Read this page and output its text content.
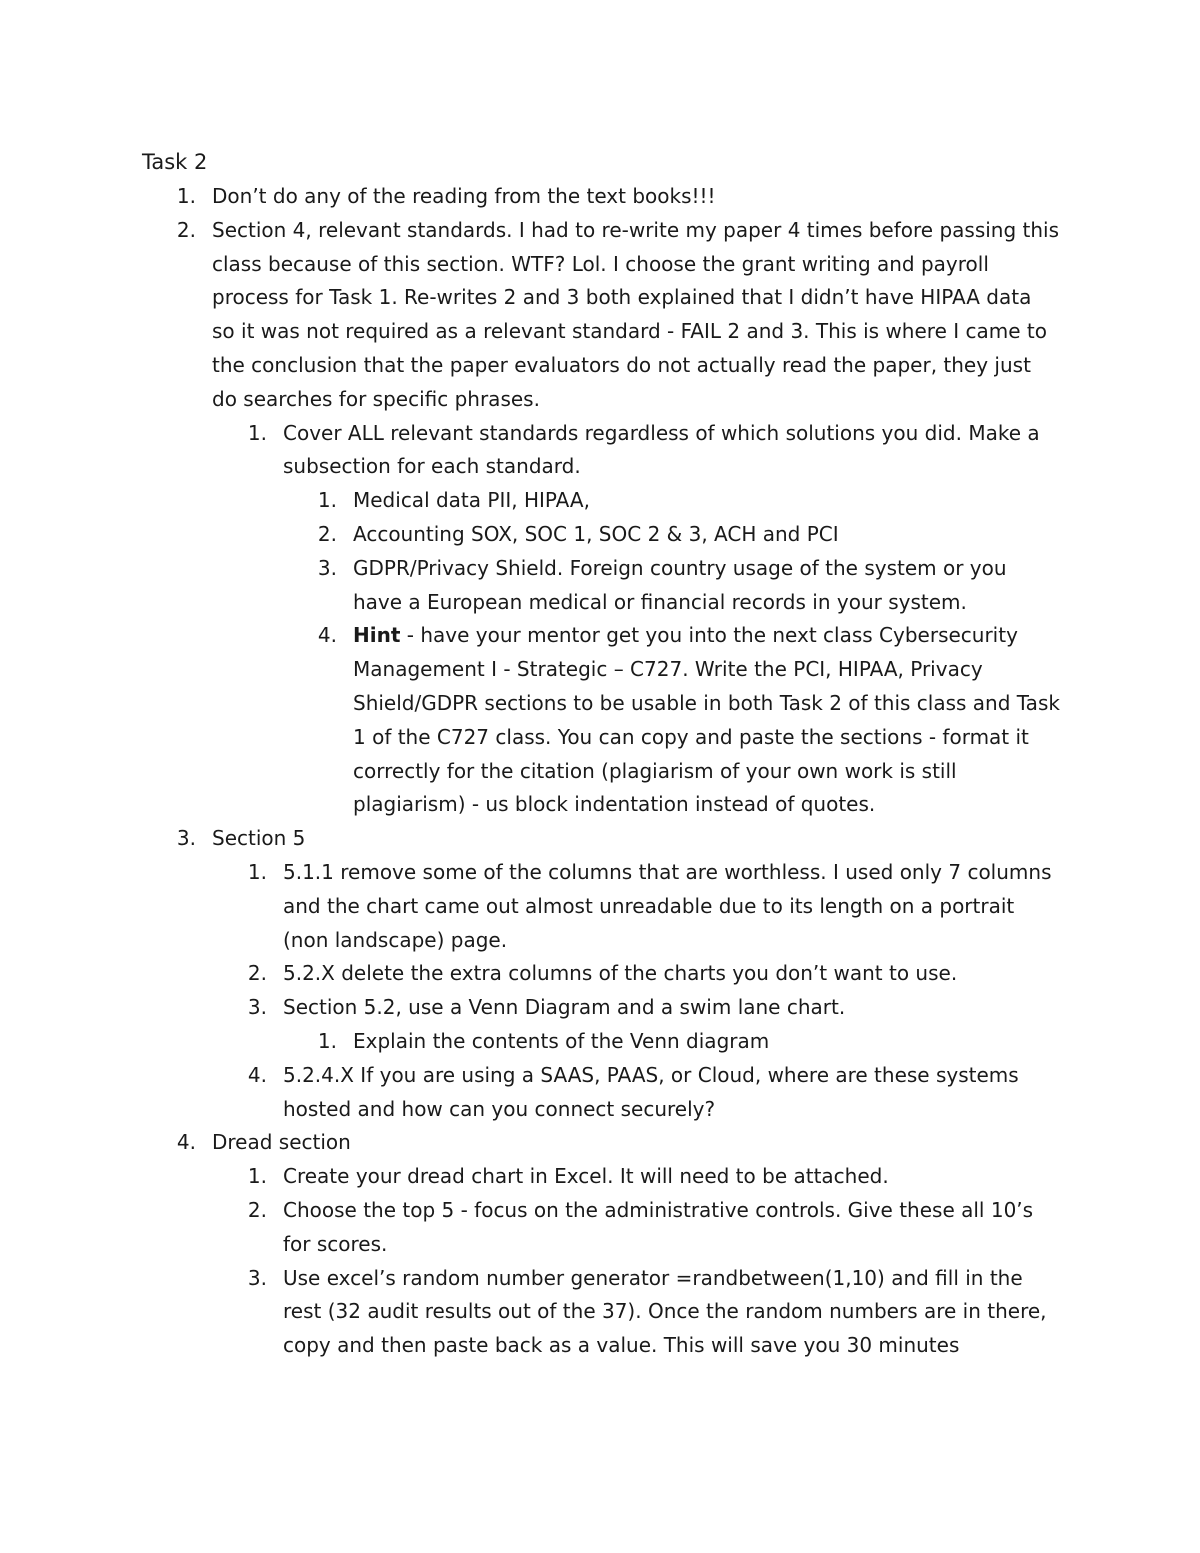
Task 2
1. Don’t do any of the reading from the text books!!!
2. Section 4, relevant standards. I had to re-write my paper 4 times before passing this class because of this section. WTF? Lol. I choose the grant writing and payroll process for Task 1. Re-writes 2 and 3 both explained that I didn’t have HIPAA data so it was not required as a relevant standard - FAIL 2 and 3. This is where I came to the conclusion that the paper evaluators do not actually read the paper, they just do searches for specific phrases.
1. Cover ALL relevant standards regardless of which solutions you did. Make a subsection for each standard.
1. Medical data PII, HIPAA,
2. Accounting SOX, SOC 1, SOC 2 & 3, ACH and PCI
3. GDPR/Privacy Shield. Foreign country usage of the system or you have a European medical or financial records in your system.
4. Hint - have your mentor get you into the next class Cybersecurity Management I - Strategic – C727. Write the PCI, HIPAA, Privacy Shield/GDPR sections to be usable in both Task 2 of this class and Task 1 of the C727 class. You can copy and paste the sections - format it correctly for the citation (plagiarism of your own work is still plagiarism) - us block indentation instead of quotes.
3. Section 5
1. 5.1.1 remove some of the columns that are worthless. I used only 7 columns and the chart came out almost unreadable due to its length on a portrait (non landscape) page.
2. 5.2.X delete the extra columns of the charts you don’t want to use.
3. Section 5.2, use a Venn Diagram and a swim lane chart.
1. Explain the contents of the Venn diagram
4. 5.2.4.X If you are using a SAAS, PAAS, or Cloud, where are these systems hosted and how can you connect securely?
4. Dread section
1. Create your dread chart in Excel. It will need to be attached.
2. Choose the top 5 - focus on the administrative controls. Give these all 10’s for scores.
3. Use excel’s random number generator =randbetween(1,10) and fill in the rest (32 audit results out of the 37). Once the random numbers are in there, copy and then paste back as a value. This will save you 30 minutes
